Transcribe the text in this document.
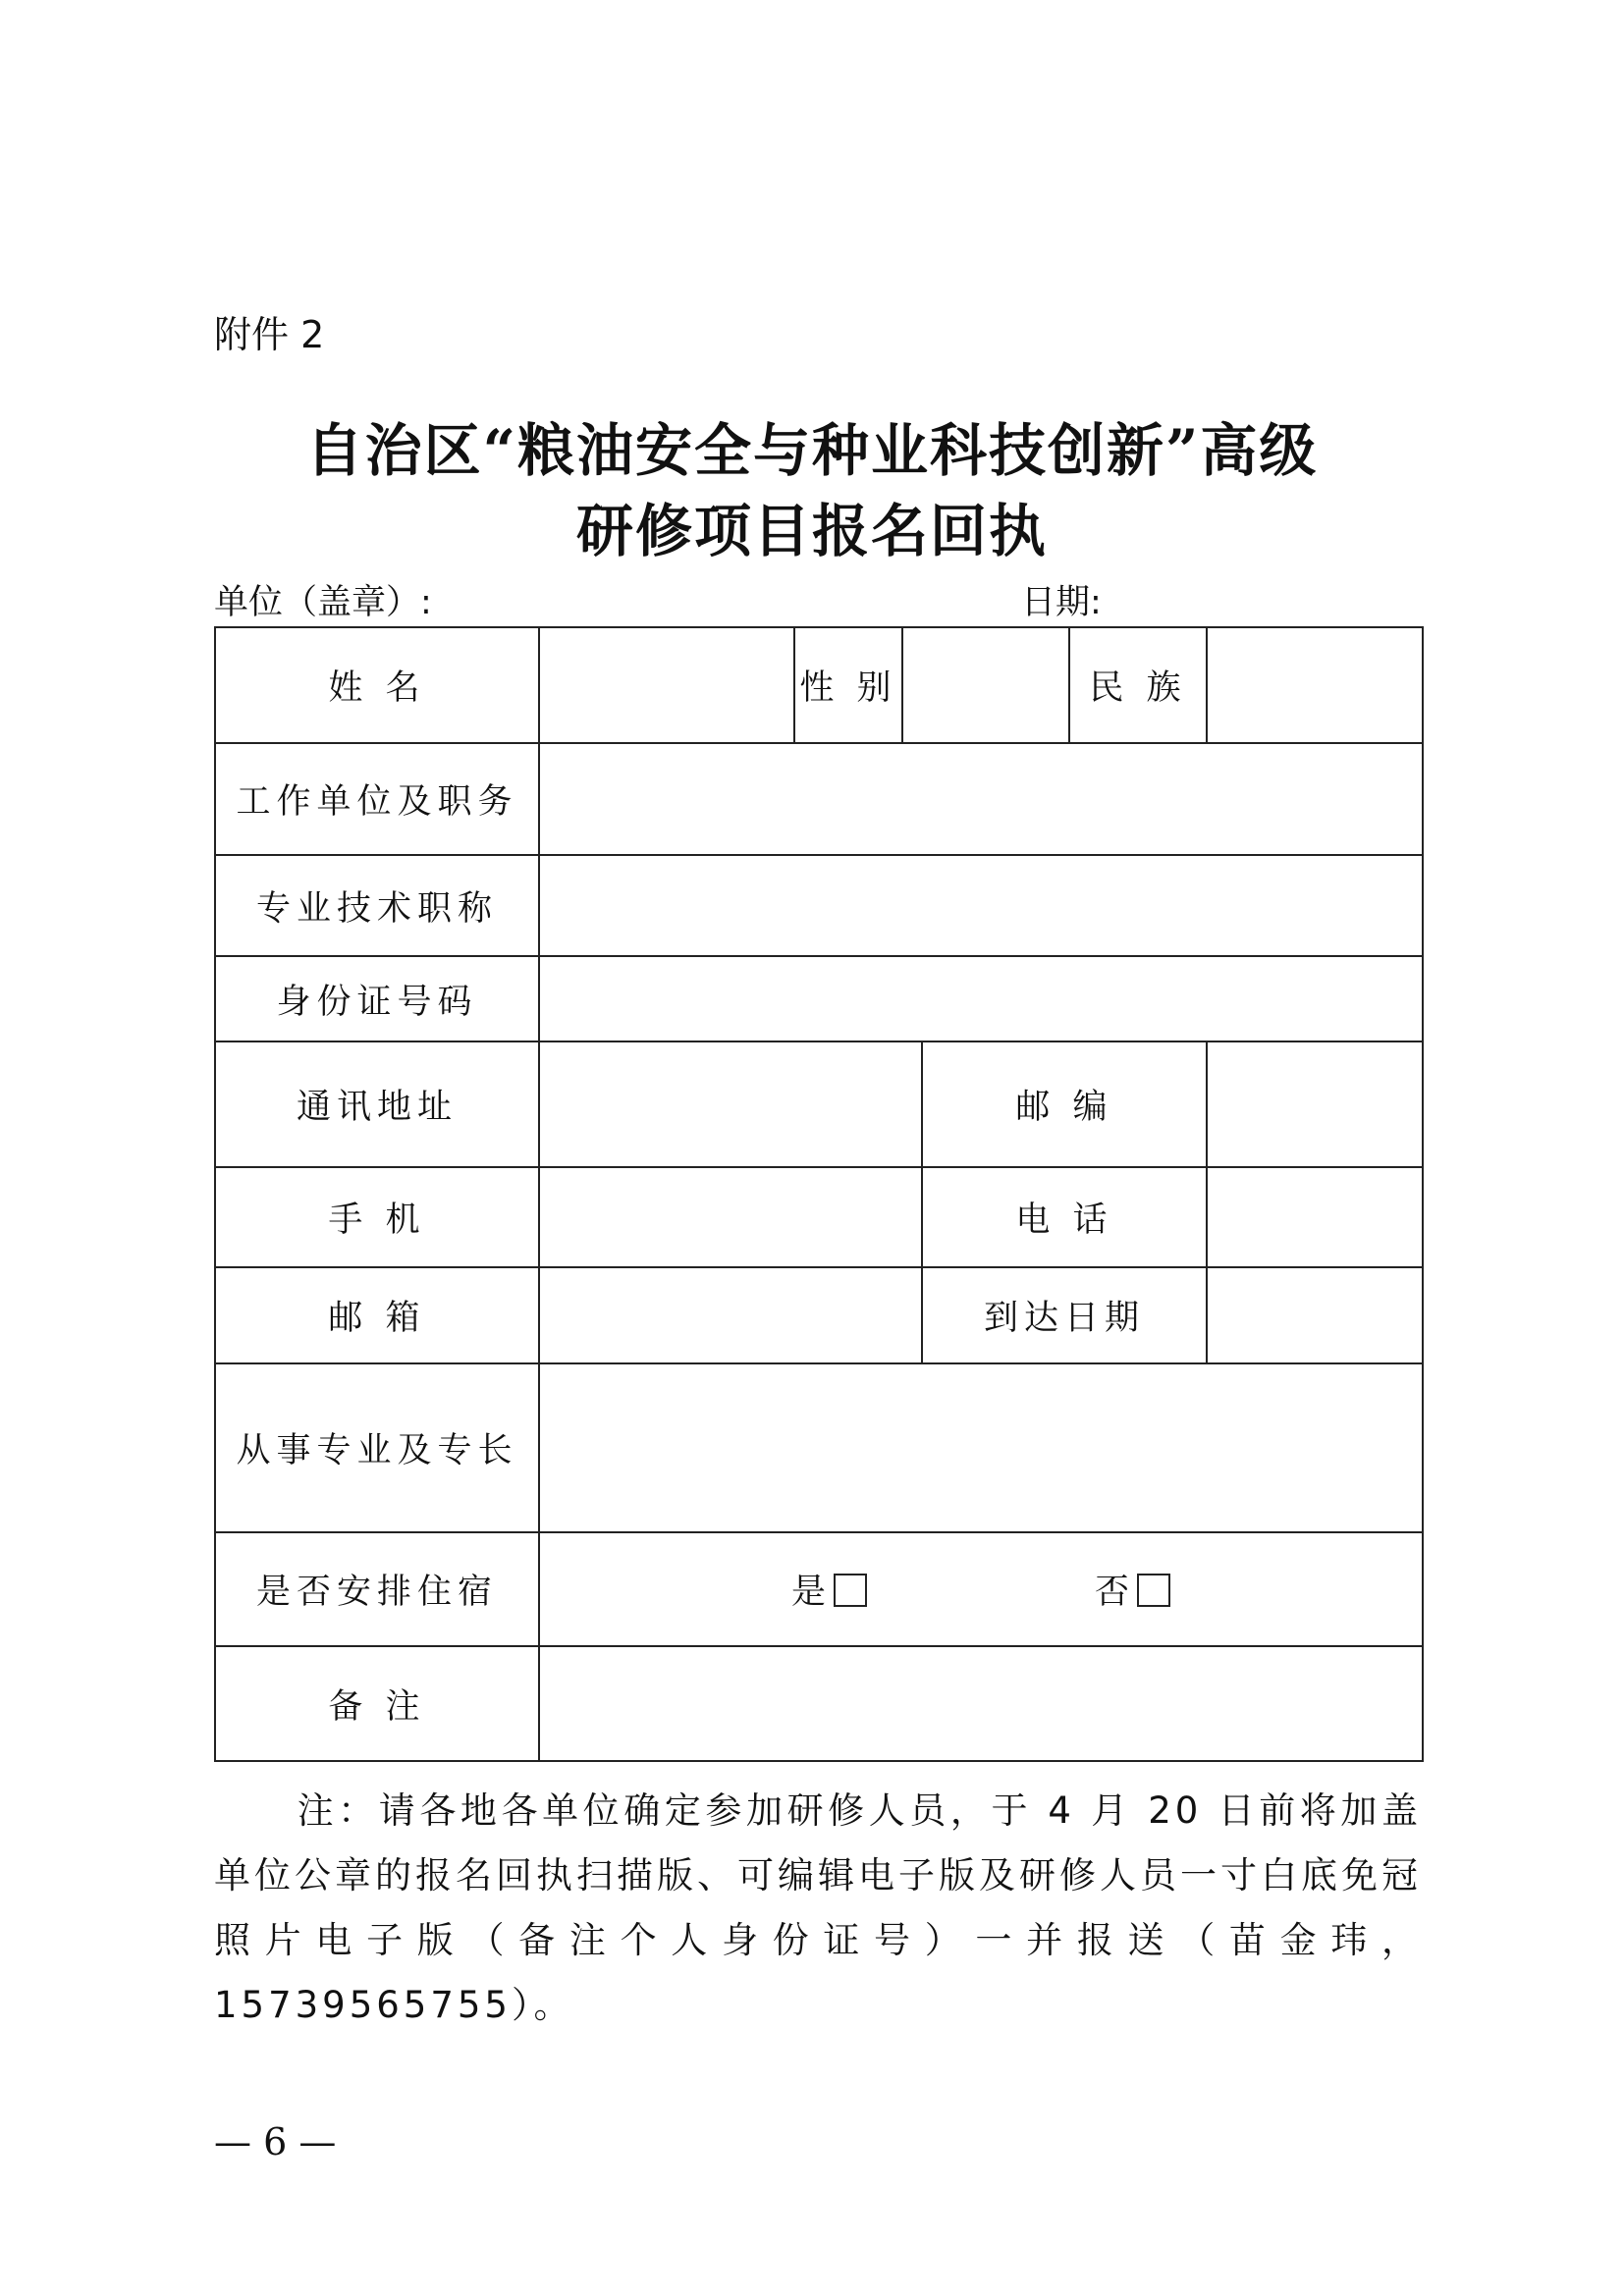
附件 2
自治区“粮油安全与种业科技创新”高级
研修项目报名回执
单位（盖章）:	日期:
姓 名		性 别			民 族	
工作单位及职务						
专业技术职称						
身份证号码						
通讯地址				邮 编		
手 机				电 话		
邮 箱				到达日期		
从事专业及专长						
是否安排住宿	是 否					

备 注						
注：请各地各单位确定参加研修人员，于 4 月 20 日前将加盖单位公章的报名回执扫描版、可编辑电子版及研修人员一寸白底免冠照片电子版（备注个人身份证号）一并报送（苗金玮，15739565755）。
— 6 —
